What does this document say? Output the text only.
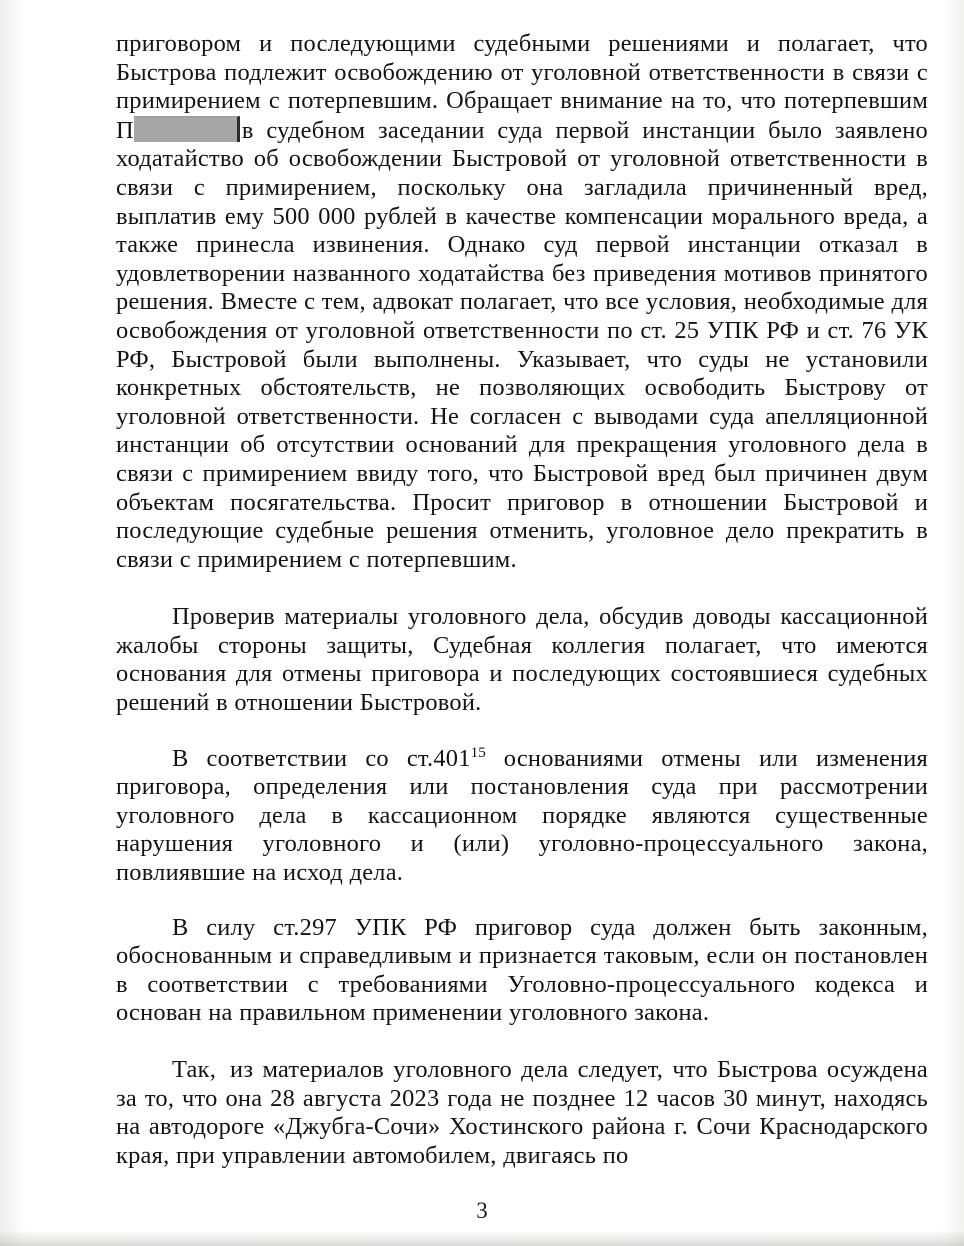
приговором и последующими судебными решениями и полагает, что Быстрова подлежит освобождению от уголовной ответственности в связи с примирением с потерпевшим. Обращает внимание на то, что потерпевшим П	в судебном заседании суда первой инстанции было заявлено ходатайство об освобождении Быстровой от уголовной ответственности в связи с примирением, поскольку она загладила причиненный вред, выплатив ему 500 000 рублей в качестве компенсации морального вреда, а также принесла извинения. Однако суд первой инстанции отказал в удовлетворении названного ходатайства без приведения мотивов принятого решения. Вместе с тем, адвокат полагает, что все условия, необходимые для освобождения от уголовной ответственности по ст. 25 УПК РФ и ст. 76 УК РФ, Быстровой были выполнены. Указывает, что суды не установили конкретных обстоятельств, не позволяющих освободить Быстрову от уголовной ответственности. Не согласен с выводами суда апелляционной инстанции об отсутствии оснований для прекращения уголовного дела в связи с примирением ввиду того, что Быстровой вред был причинен двум объектам посягательства. Просит приговор в отношении Быстровой и последующие судебные решения отменить, уголовное дело прекратить в связи с примирением с потерпевшим.

Проверив материалы уголовного дела, обсудив доводы кассационной жалобы стороны защиты, Судебная коллегия полагает, что имеются основания для отмены приговора и последующих состоявшиеся судебных решений в отношении Быстровой.

В соответствии со ст.401$^{15}$ основаниями отмены или изменения приговора, определения или постановления суда при рассмотрении уголовного дела в кассационном порядке являются существенные нарушения уголовного и (или) уголовно-процессуального закона, повлиявшие на исход дела.

В силу ст.297 УПК РФ приговор суда должен быть законным, обоснованным и справедливым и признается таковым, если он постановлен в соответствии с требованиями Уголовно-процессуального кодекса и основан на правильном применении уголовного закона.

Так, из материалов уголовного дела следует, что Быстрова осуждена за то, что она 28 августа 2023 года не позднее 12 часов 30 минут, находясь на автодороге «Джубга-Сочи» Хостинского района г. Сочи Краснодарского края, при управлении автомобилем, двигаясь по

3
